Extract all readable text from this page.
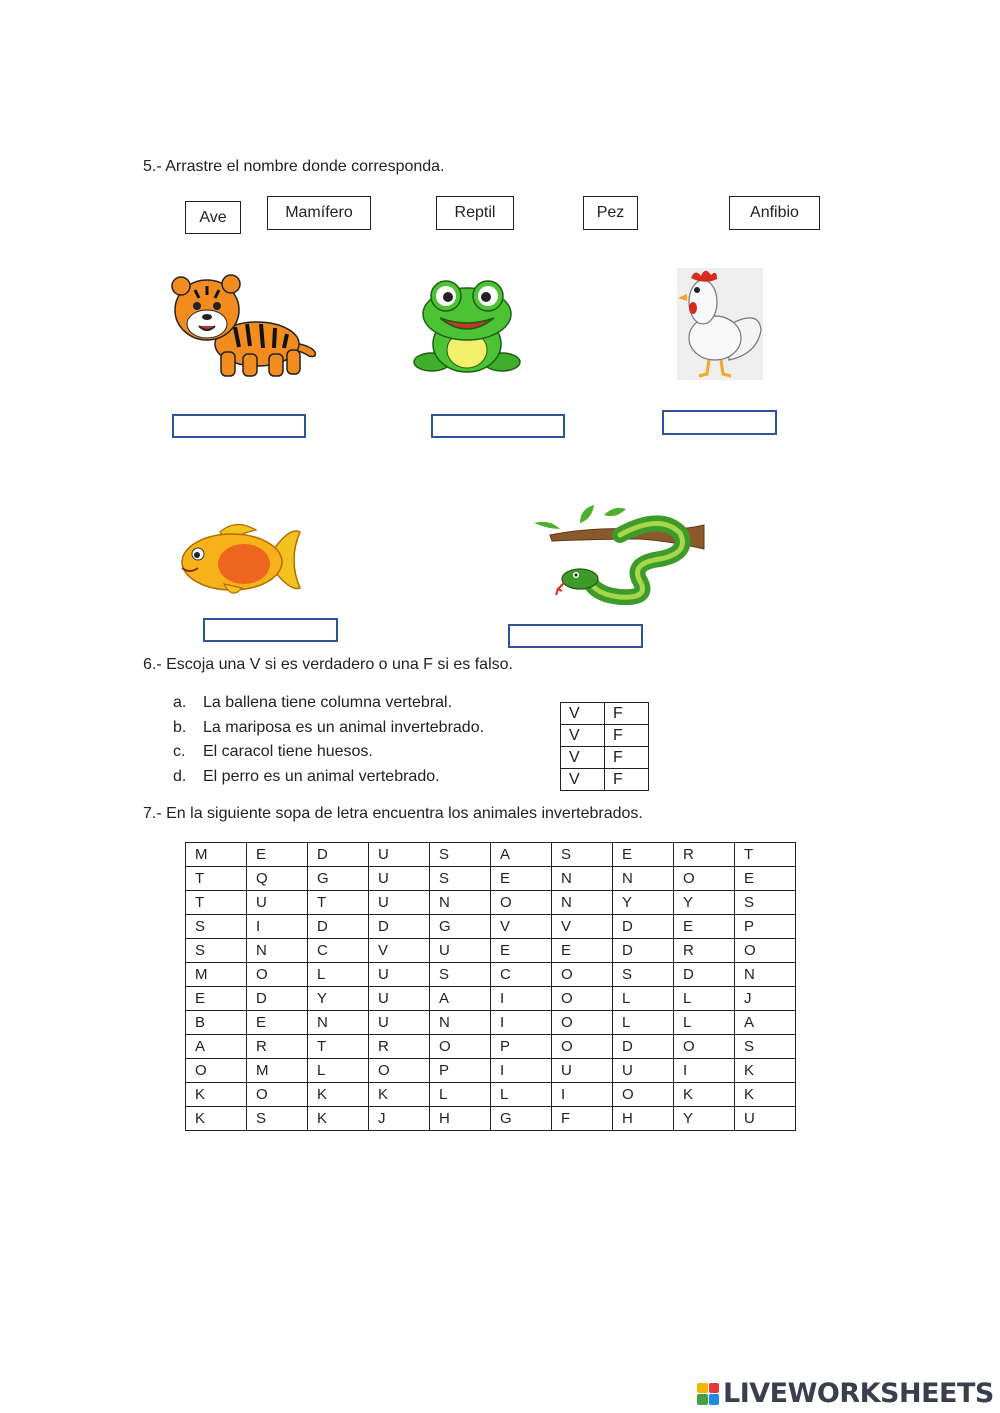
5.- Arrastre el nombre donde corresponda.
Ave	Mamífero	Reptil	Pez	Anfibio
6.- Escoja una V si es verdadero o una F si es falso.
a. La ballena tiene columna vertebral.
b. La mariposa es un animal invertebrado.
c. El caracol tiene huesos.
d. El perro es un animal vertebrado.
V	F
V	F
V	F
V	F
7.- En la siguiente sopa de letra encuentra los animales invertebrados.
M	E	D	U	S	A	S	E	R	T
T	Q	G	U	S	E	N	N	O	E
T	U	T	U	N	O	N	Y	Y	S
S	I	D	D	G	V	V	D	E	P
S	N	C	V	U	E	E	D	R	O
M	O	L	U	S	C	O	S	D	N
E	D	Y	U	A	I	O	L	L	J
B	E	N	U	N	I	O	L	L	A
A	R	T	R	O	P	O	D	O	S
O	M	L	O	P	I	U	U	I	K
K	O	K	K	L	L	I	O	K	K
K	S	K	J	H	G	F	H	Y	U
LIVEWORKSHEETS
